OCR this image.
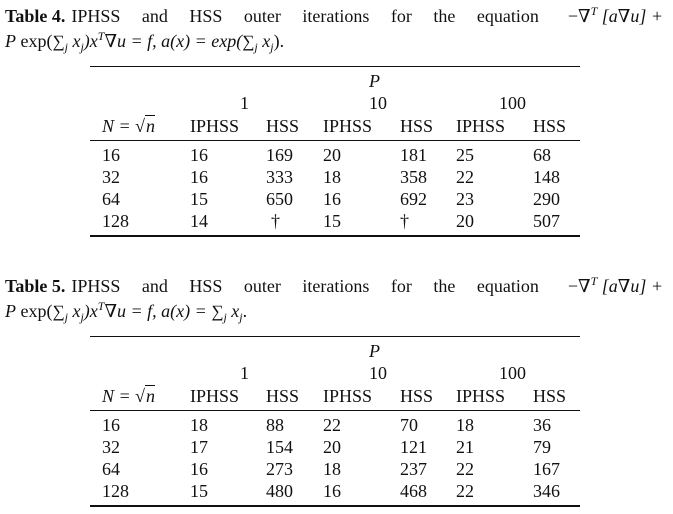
Table 4. IPHSS and HSS outer iterations for the equation −∇$^T$ [a∇u] +
P $\exp(\sum_j$ $x_j)x^T\nabla u = f$, $a(x) = \exp(\sum_j$ $x_j$).
P
1	10	100
N = √n IPHSS HSS IPHSS HSS IPHSS HSS
16	16	169 20	181 25	68
32	16	333 18	358 22	148
64	15	650 16	692 23	290
128	14	† 15	†	20	507
Table 5. IPHSS and HSS outer iterations for the equation −∇$^T$ [a∇u] +
P $\exp(\sum_j$ $x_j)x^T\nabla u = f$, $a(x) = \sum_j$ $x_j$.
P
1	10	100
N = √n IPHSS HSS IPHSS HSS IPHSS HSS
16	18	88 22	70 18	36
32	17	154 20	121 21	79
64	16	273 18	237 22	167
128	15	480 16	468 22	346
